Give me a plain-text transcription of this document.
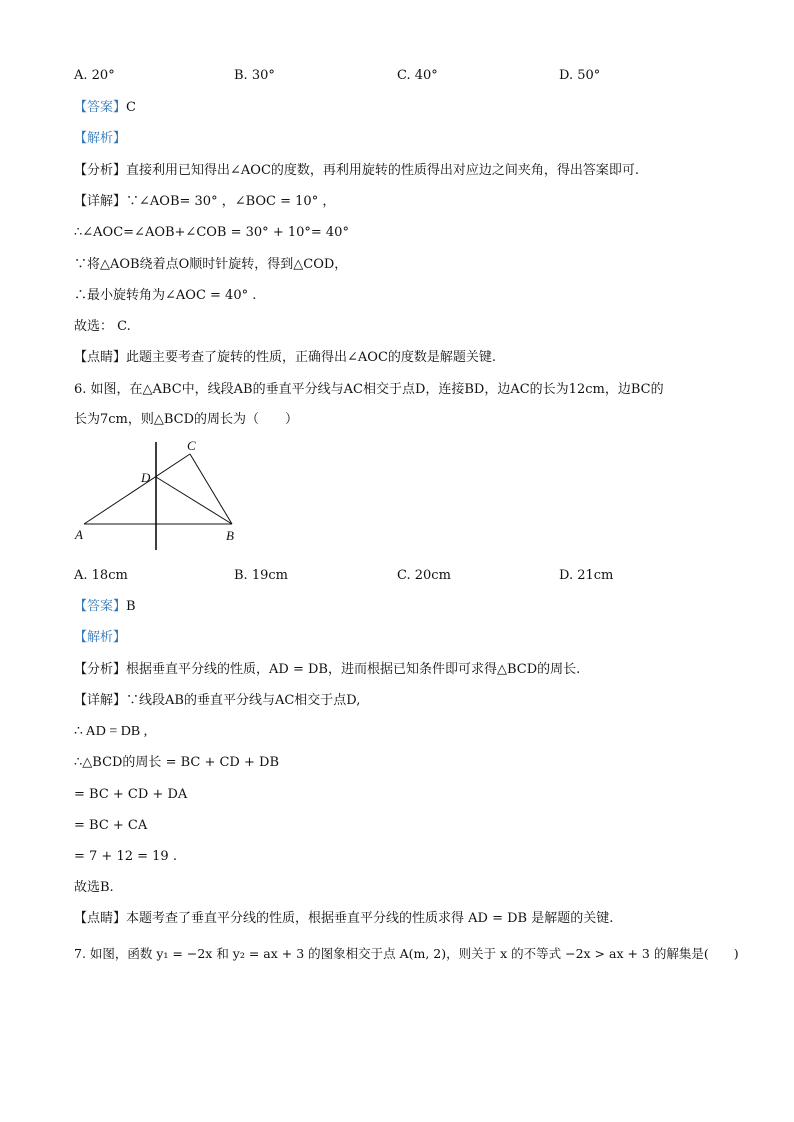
A. 20°	B. 30°	C. 40°	D. 50°
【答案】C
【解析】
【分析】直接利用已知得出∠AOC的度数，再利用旋转的性质得出对应边之间夹角，得出答案即可.
【详解】∵∠AOB= 30° ，∠BOC = 10° ，
∴∠AOC=∠AOB+∠COB = 30° + 10°= 40°
∵将△AOB绕着点O顺时针旋转，得到△COD，
∴最小旋转角为∠AOC = 40° .
故选： C.
【点睛】此题主要考查了旋转的性质，正确得出∠AOC的度数是解题关键.
6. 如图，在△ABC中，线段AB的垂直平分线与AC相交于点D，连接BD，边AC的长为12cm，边BC的
长为7cm，则△BCD的周长为（　　）
A	B
C
D
A. 18cm	B. 19cm	C. 20cm	D. 21cm
【答案】B
【解析】
【分析】根据垂直平分线的性质，AD = DB，进而根据已知条件即可求得△BCD的周长.
【详解】∵线段AB的垂直平分线与AC相交于点D,
∴ AD = DB ,
∴△BCD的周长 = BC + CD + DB
= BC + CD + DA
= BC + CA
= 7 + 12 = 19 .
故选B.
【点睛】本题考查了垂直平分线的性质，根据垂直平分线的性质求得 AD = DB 是解题的关键.
7. 如图，函数 y₁ = −2x 和 y₂ = ax + 3 的图象相交于点 A(m, 2)，则关于 x 的不等式 −2x > ax + 3 的解集是(　　)
